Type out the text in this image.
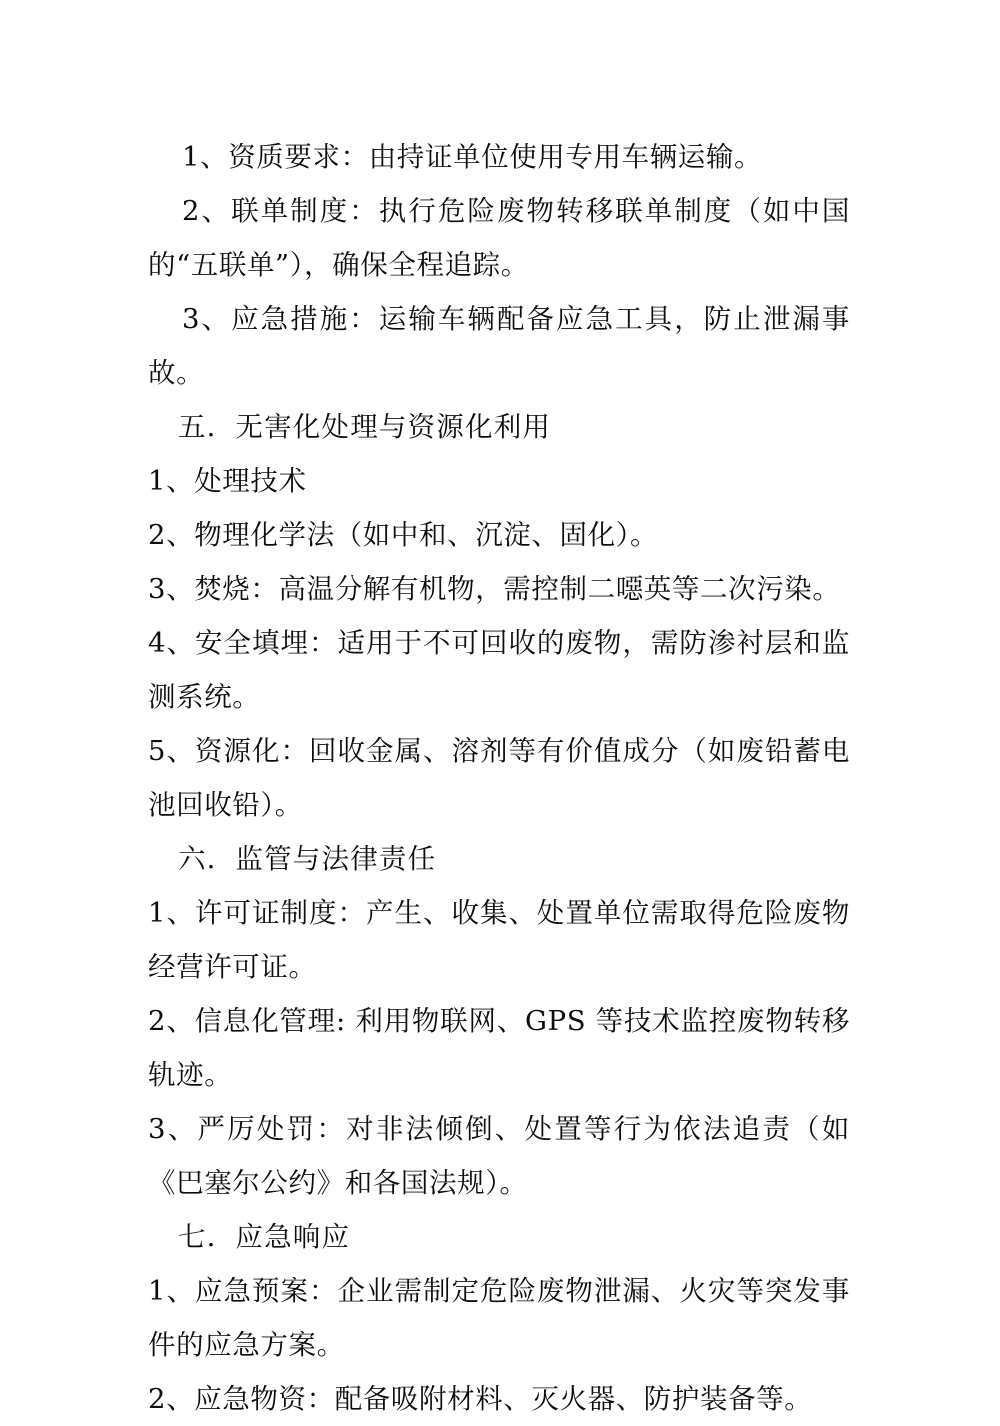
1、资质要求：由持证单位使用专用车辆运输。

2、联单制度：执行危险废物转移联单制度（如中国的“五联单”），确保全程追踪。

3、应急措施：运输车辆配备应急工具，防止泄漏事故。

五．无害化处理与资源化利用

1、处理技术

2、物理化学法（如中和、沉淀、固化）。

3、焚烧：高温分解有机物，需控制二噁英等二次污染。

4、安全填埋：适用于不可回收的废物，需防渗衬层和监测系统。

5、资源化：回收金属、溶剂等有价值成分（如废铅蓄电池回收铅）。

六．监管与法律责任

1、许可证制度：产生、收集、处置单位需取得危险废物经营许可证。

2、信息化管理: 利用物联网、GPS 等技术监控废物转移轨迹。

3、严厉处罚：对非法倾倒、处置等行为依法追责（如《巴塞尔公约》和各国法规）。

七．应急响应

1、应急预案：企业需制定危险废物泄漏、火灾等突发事件的应急方案。

2、应急物资：配备吸附材料、灭火器、防护装备等。
